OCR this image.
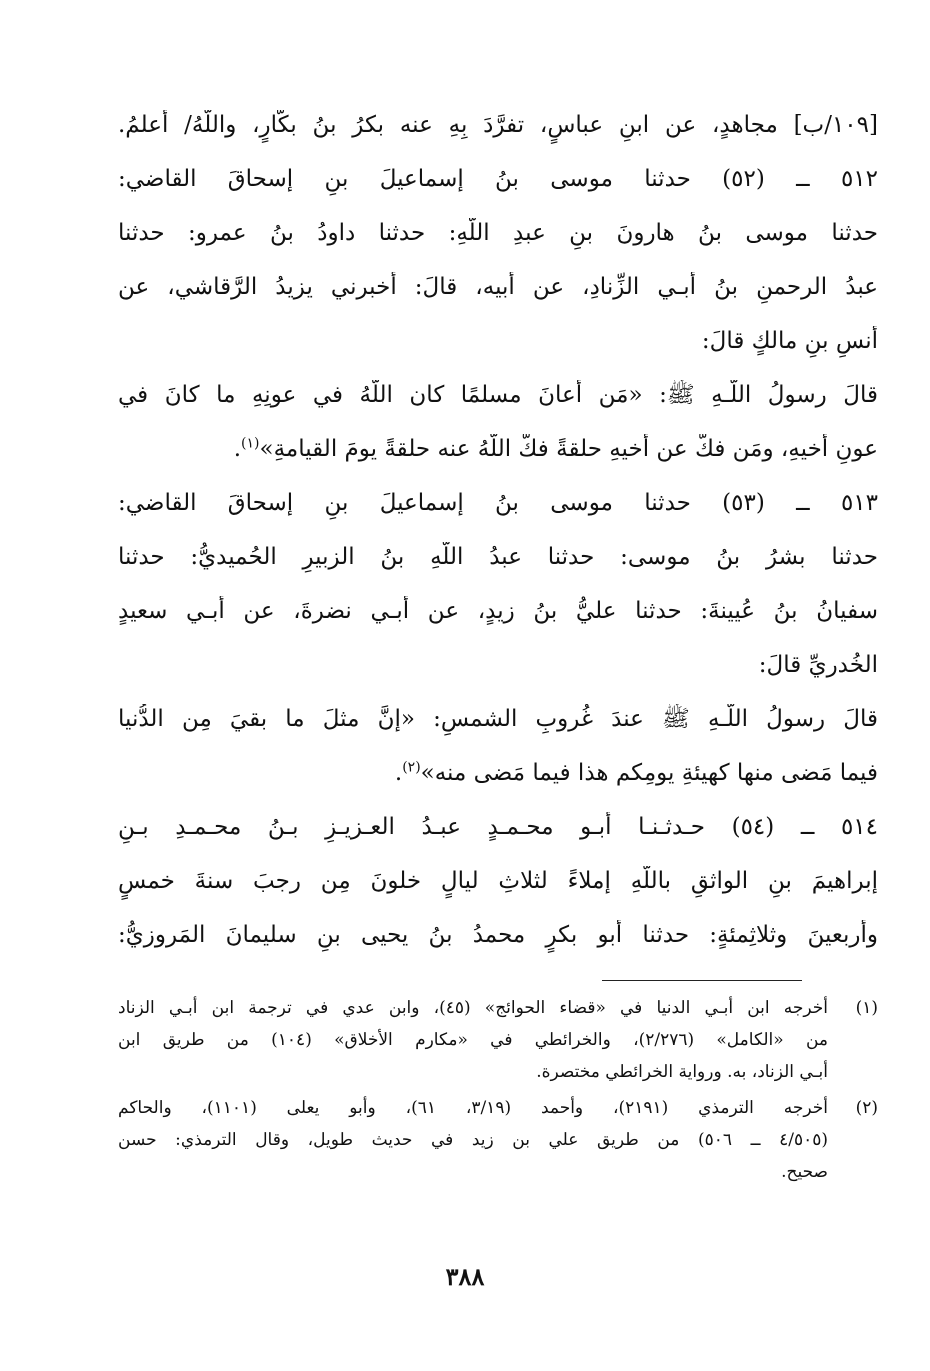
[١٠٩/ب] مجاهدٍ، عن ابنِ عباسٍ، تفرَّدَ بِهِ عنه بكرُ بنُ بكَّارٍ، واللَّهُ/ أعلمُ.
٥١٢ ــ (٥٢) حدثنا موسى بنُ إسماعيلَ بنِ إسحاقَ القاضي:
حدثنا موسى بنُ هارونَ بنِ عبدِ اللَّهِ: حدثنا داودُ بنُ عمرو: حدثنا
عبدُ الرحمنِ بنُ أبـي الزِّنادِ، عن أبيه، قالَ: أخبرني يزيدُ الرَّقاشي، عن
أنسِ بنِ مالكٍ قالَ:
قالَ رسولُ اللَّـهِ ﷺ: «مَن أعانَ مسلمًا كان اللَّهُ في عونِهِ ما كانَ في
عونِ أخيهِ، ومَن فكَّ عن أخيهِ حلقةً فكَّ اللَّهُ عنه حلقةً يومَ القيامةِ»$^{(١)}$.
٥١٣ ــ (٥٣) حدثنا موسى بنُ إسماعيلَ بنِ إسحاقَ القاضي:
حدثنا بشرُ بنُ موسى: حدثنا عبدُ اللَّهِ بنُ الزبيرِ الحُميديُّ: حدثنا
سفيانُ بنُ عُيينةَ: حدثنا عليُّ بنُ زيدٍ، عن أبـي نضرةَ، عن أبـي سعيدٍ
الخُدريِّ قالَ:
قالَ رسولُ اللَّـهِ ﷺ عندَ غُروبِ الشمسِ: «إنَّ مثلَ ما بقيَ مِن الدُّنيا
فيما مَضى منها كهيئةِ يومِكم هذا فيما مَضى منه»$^{(٢)}$.
٥١٤ ــ (٥٤) حـدثـنـا أبـو محـمـدٍ عبـدُ العـزيـزِ بـنُ محـمـدِ بـنِ
إبراهيمَ بنِ الواثقِ باللَّهِ إملاءً لثلاثِ ليالٍ خلونَ مِن رجبَ سنةَ خمسٍ
وأربعينَ وثلاثِمئةٍ: حدثنا أبو بكرٍ محمدُ بنُ يحيى بنِ سليمانَ المَروزيُّ:
(١)
أخرجه ابن أبـي الدنيا في «قضاء الحوائج» (٤٥)، وابن عدي في ترجمة ابن أبـي الزناد
من «الكامل» (٢/٢٧٦)، والخرائطي في «مكارم الأخلاق» (١٠٤) من طريق ابن
أبـي الزناد، به. ورواية الخرائطي مختصرة.
(٢)
أخرجه الترمذي (٢١٩١)، وأحمد (٣/١٩، ٦١)، وأبو يعلى (١١٠١)، والحاكم
(٤/٥٠٥ ــ ٥٠٦) من طريق علي بن زيد في حديث طويل، وقال الترمذي: حسن
صحيح.
٣٨٨
